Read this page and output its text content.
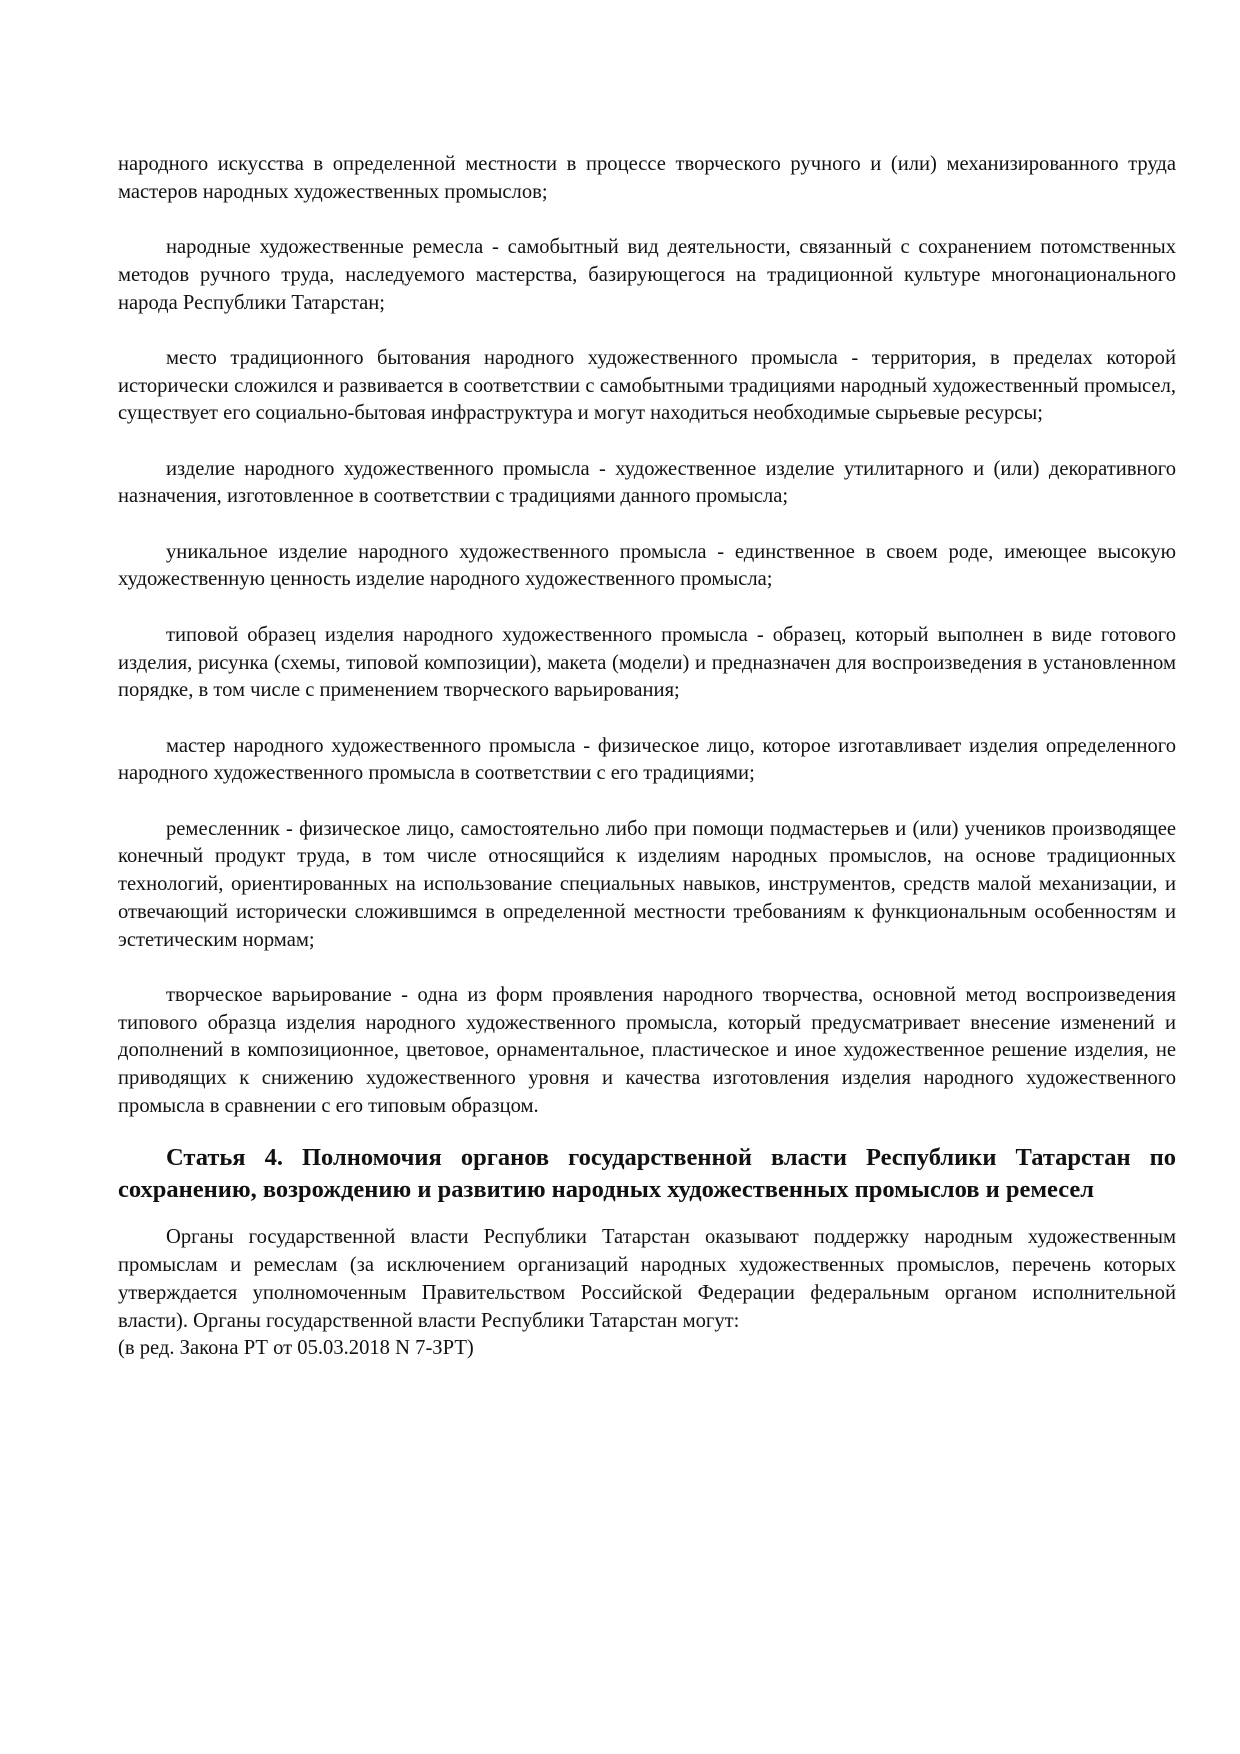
народного искусства в определенной местности в процессе творческого ручного и (или) механизированного труда мастеров народных художественных промыслов;

народные художественные ремесла - самобытный вид деятельности, связанный с сохранением потомственных методов ручного труда, наследуемого мастерства, базирующегося на традиционной культуре многонационального народа Республики Татарстан;

место традиционного бытования народного художественного промысла - территория, в пределах которой исторически сложился и развивается в соответствии с самобытными традициями народный художественный промысел, существует его социально-бытовая инфраструктура и могут находиться необходимые сырьевые ресурсы;

изделие народного художественного промысла - художественное изделие утилитарного и (или) декоративного назначения, изготовленное в соответствии с традициями данного промысла;

уникальное изделие народного художественного промысла - единственное в своем роде, имеющее высокую художественную ценность изделие народного художественного промысла;

типовой образец изделия народного художественного промысла - образец, который выполнен в виде готового изделия, рисунка (схемы, типовой композиции), макета (модели) и предназначен для воспроизведения в установленном порядке, в том числе с применением творческого варьирования;

мастер народного художественного промысла - физическое лицо, которое изготавливает изделия определенного народного художественного промысла в соответствии с его традициями;

ремесленник - физическое лицо, самостоятельно либо при помощи подмастерьев и (или) учеников производящее конечный продукт труда, в том числе относящийся к изделиям народных промыслов, на основе традиционных технологий, ориентированных на использование специальных навыков, инструментов, средств малой механизации, и отвечающий исторически сложившимся в определенной местности требованиям к функциональным особенностям и эстетическим нормам;

творческое варьирование - одна из форм проявления народного творчества, основной метод воспроизведения типового образца изделия народного художественного промысла, который предусматривает внесение изменений и дополнений в композиционное, цветовое, орнаментальное, пластическое и иное художественное решение изделия, не приводящих к снижению художественного уровня и качества изготовления изделия народного художественного промысла в сравнении с его типовым образцом.

Статья 4. Полномочия органов государственной власти Республики Татарстан по сохранению, возрождению и развитию народных художественных промыслов и ремесел

Органы государственной власти Республики Татарстан оказывают поддержку народным художественным промыслам и ремеслам (за исключением организаций народных художественных промыслов, перечень которых утверждается уполномоченным Правительством Российской Федерации федеральным органом исполнительной власти). Органы государственной власти Республики Татарстан могут:

(в ред. Закона РТ от 05.03.2018 N 7-ЗРТ)
